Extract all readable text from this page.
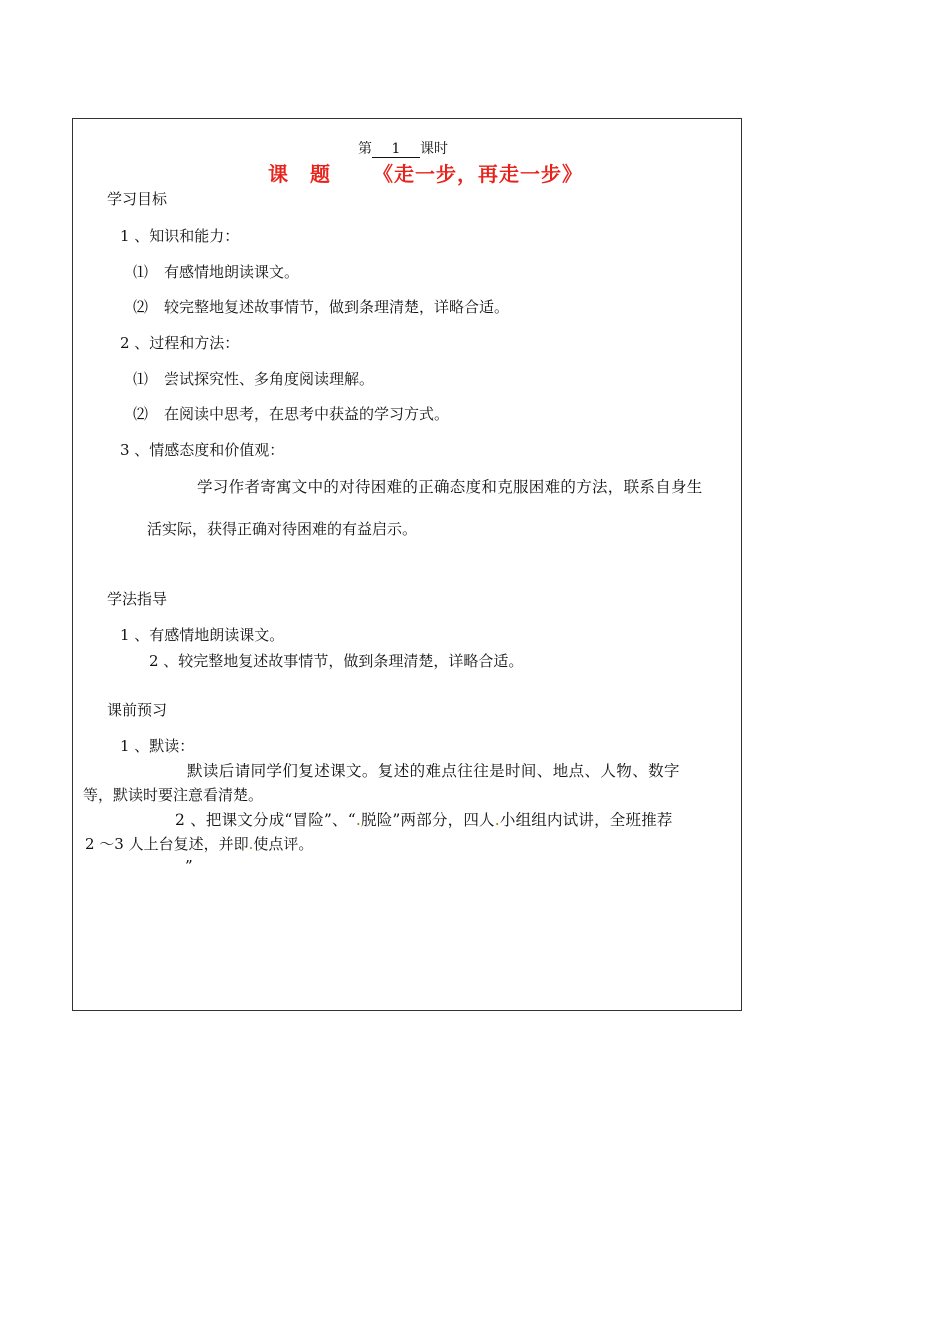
第 1 课时
课　题 《走一步，再走一步》
学习目标
1 、知识和能力：
⑴ 有感情地朗读课文。
⑵ 较完整地复述故事情节，做到条理清楚，详略合适。
2 、过程和方法：
⑴ 尝试探究性、多角度阅读理解。
⑵ 在阅读中思考，在思考中获益的学习方式。
3 、情感态度和价值观：
学习作者寄寓文中的对待困难的正确态度和克服困难的方法，联系自身生
活实际，获得正确对待困难的有益启示。
学法指导
1 、有感情地朗读课文。
2 、较完整地复述故事情节，做到条理清楚，详略合适。
课前预习
1 、默读：
默读后请同学们复述课文。复述的难点往往是时间、地点、人物、数字
等，默读时要注意看清楚。
2 、把课文分成“冒险”、“.脱险”两部分，四人.小组组内试讲，全班推荐
2 ～3 人上台复述，并即.使点评。
”
